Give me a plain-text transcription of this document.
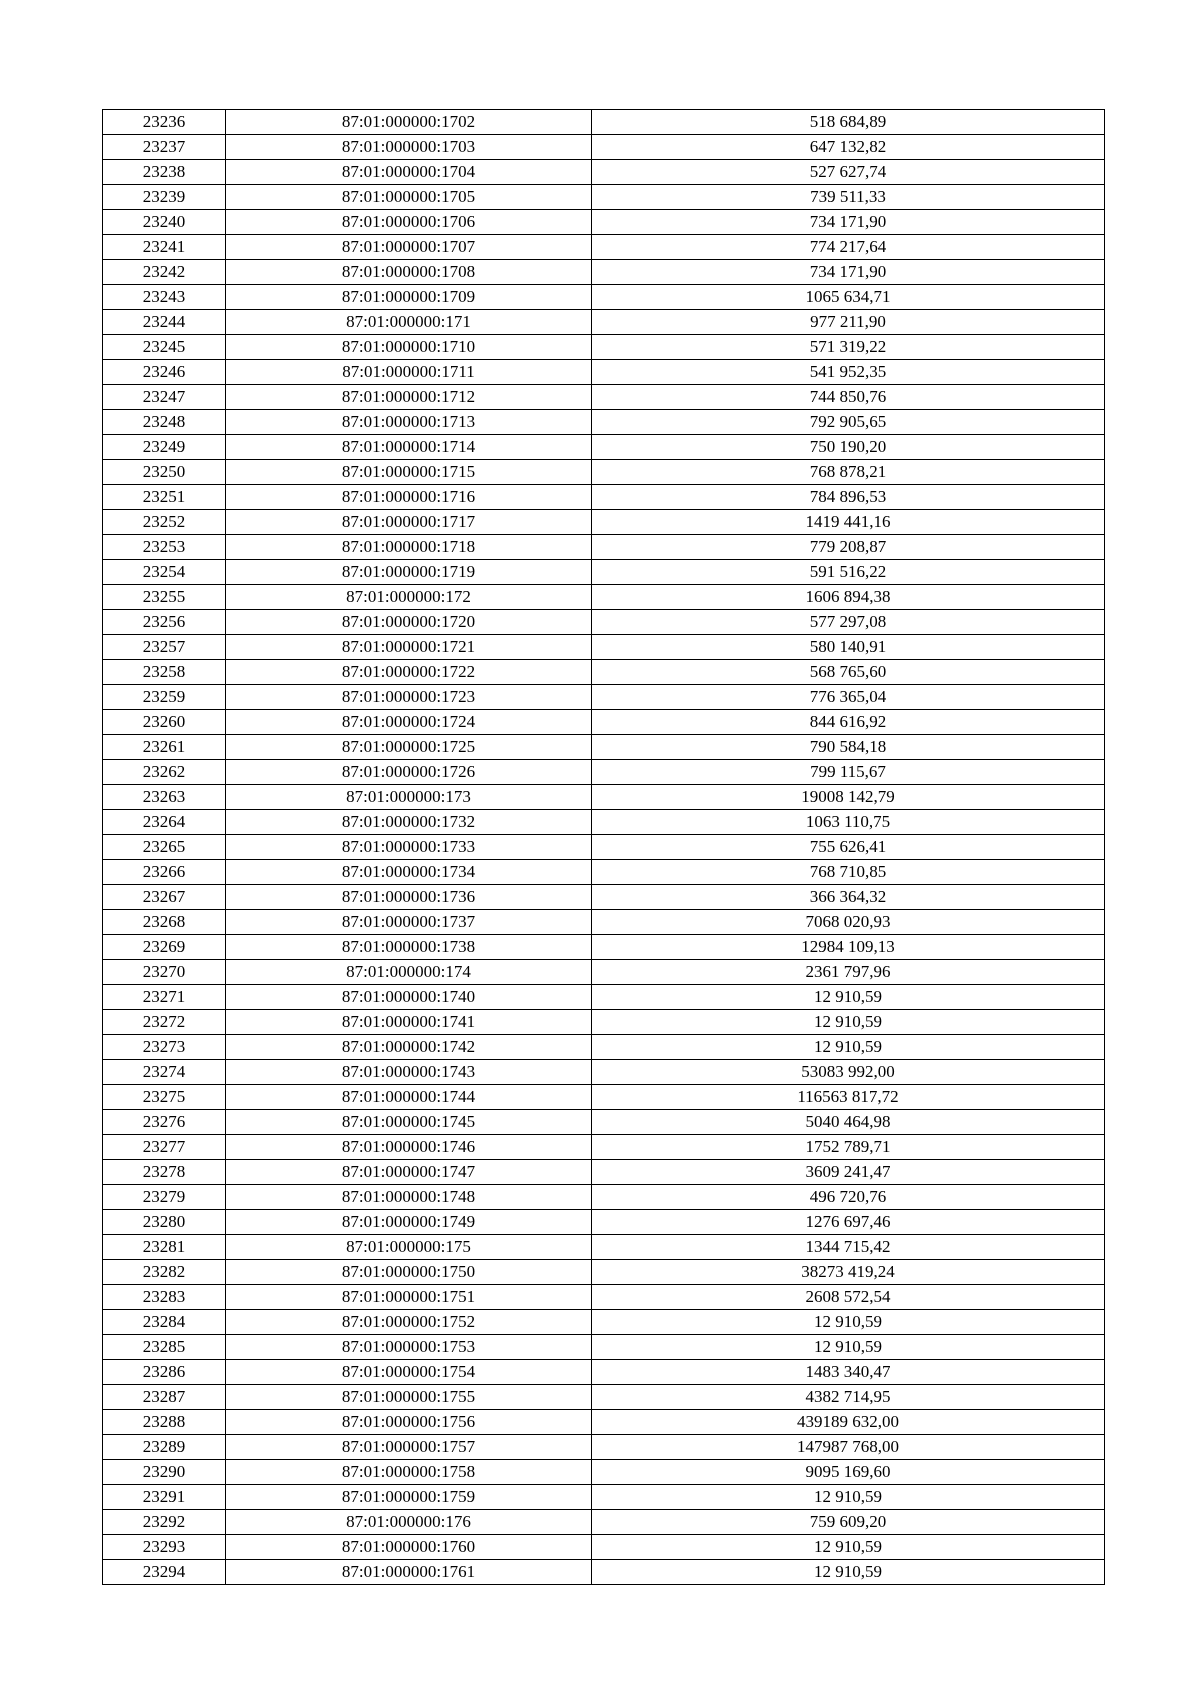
23236	87:01:000000:1702	518 684,89
23237	87:01:000000:1703	647 132,82
23238	87:01:000000:1704	527 627,74
23239	87:01:000000:1705	739 511,33
23240	87:01:000000:1706	734 171,90
23241	87:01:000000:1707	774 217,64
23242	87:01:000000:1708	734 171,90
23243	87:01:000000:1709	1065 634,71
23244	87:01:000000:171	977 211,90
23245	87:01:000000:1710	571 319,22
23246	87:01:000000:1711	541 952,35
23247	87:01:000000:1712	744 850,76
23248	87:01:000000:1713	792 905,65
23249	87:01:000000:1714	750 190,20
23250	87:01:000000:1715	768 878,21
23251	87:01:000000:1716	784 896,53
23252	87:01:000000:1717	1419 441,16
23253	87:01:000000:1718	779 208,87
23254	87:01:000000:1719	591 516,22
23255	87:01:000000:172	1606 894,38
23256	87:01:000000:1720	577 297,08
23257	87:01:000000:1721	580 140,91
23258	87:01:000000:1722	568 765,60
23259	87:01:000000:1723	776 365,04
23260	87:01:000000:1724	844 616,92
23261	87:01:000000:1725	790 584,18
23262	87:01:000000:1726	799 115,67
23263	87:01:000000:173	19008 142,79
23264	87:01:000000:1732	1063 110,75
23265	87:01:000000:1733	755 626,41
23266	87:01:000000:1734	768 710,85
23267	87:01:000000:1736	366 364,32
23268	87:01:000000:1737	7068 020,93
23269	87:01:000000:1738	12984 109,13
23270	87:01:000000:174	2361 797,96
23271	87:01:000000:1740	12 910,59
23272	87:01:000000:1741	12 910,59
23273	87:01:000000:1742	12 910,59
23274	87:01:000000:1743	53083 992,00
23275	87:01:000000:1744	116563 817,72
23276	87:01:000000:1745	5040 464,98
23277	87:01:000000:1746	1752 789,71
23278	87:01:000000:1747	3609 241,47
23279	87:01:000000:1748	496 720,76
23280	87:01:000000:1749	1276 697,46
23281	87:01:000000:175	1344 715,42
23282	87:01:000000:1750	38273 419,24
23283	87:01:000000:1751	2608 572,54
23284	87:01:000000:1752	12 910,59
23285	87:01:000000:1753	12 910,59
23286	87:01:000000:1754	1483 340,47
23287	87:01:000000:1755	4382 714,95
23288	87:01:000000:1756	439189 632,00
23289	87:01:000000:1757	147987 768,00
23290	87:01:000000:1758	9095 169,60
23291	87:01:000000:1759	12 910,59
23292	87:01:000000:176	759 609,20
23293	87:01:000000:1760	12 910,59
23294	87:01:000000:1761	12 910,59
